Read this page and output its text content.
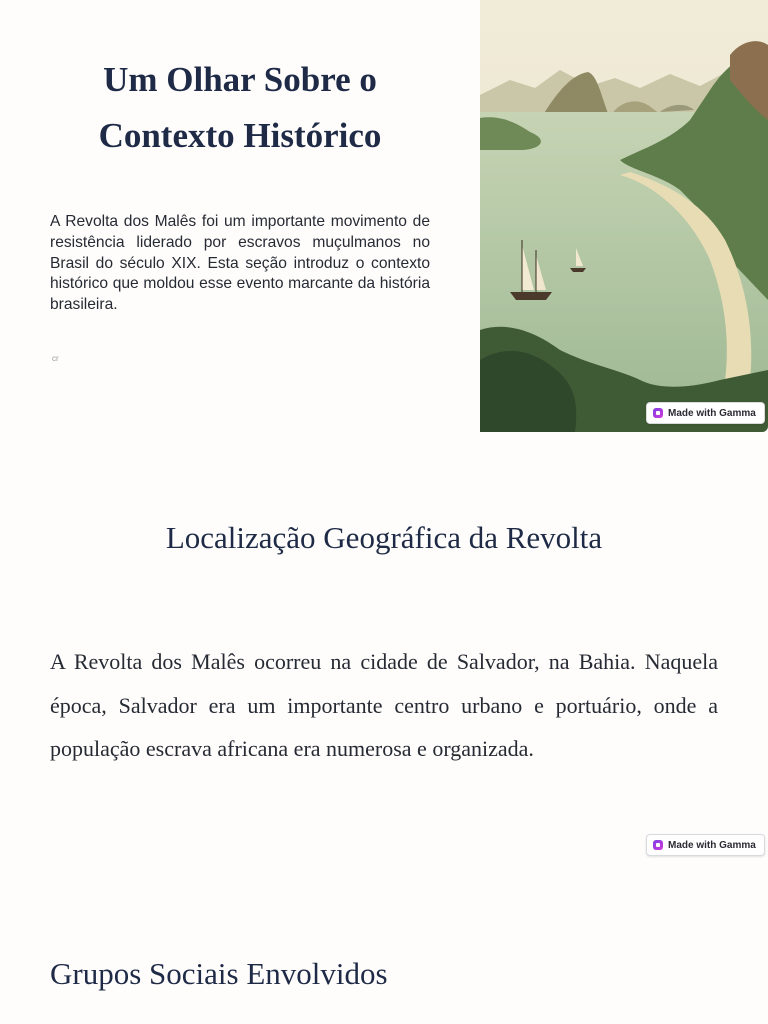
Um Olhar Sobre o
Contexto Histórico

A Revolta dos Malês foi um importante movimento de resistência liderado por escravos muçulmanos no Brasil do século XIX. Esta seção introduz o contexto histórico que moldou esse evento marcante da história brasileira.

cr
Made with Gamma
Localização Geográfica da Revolta

A Revolta dos Malês ocorreu na cidade de Salvador, na Bahia. Naquela época, Salvador era um importante centro urbano e portuário, onde a população escrava africana era numerosa e organizada.

Made with Gamma
Grupos Sociais Envolvidos
